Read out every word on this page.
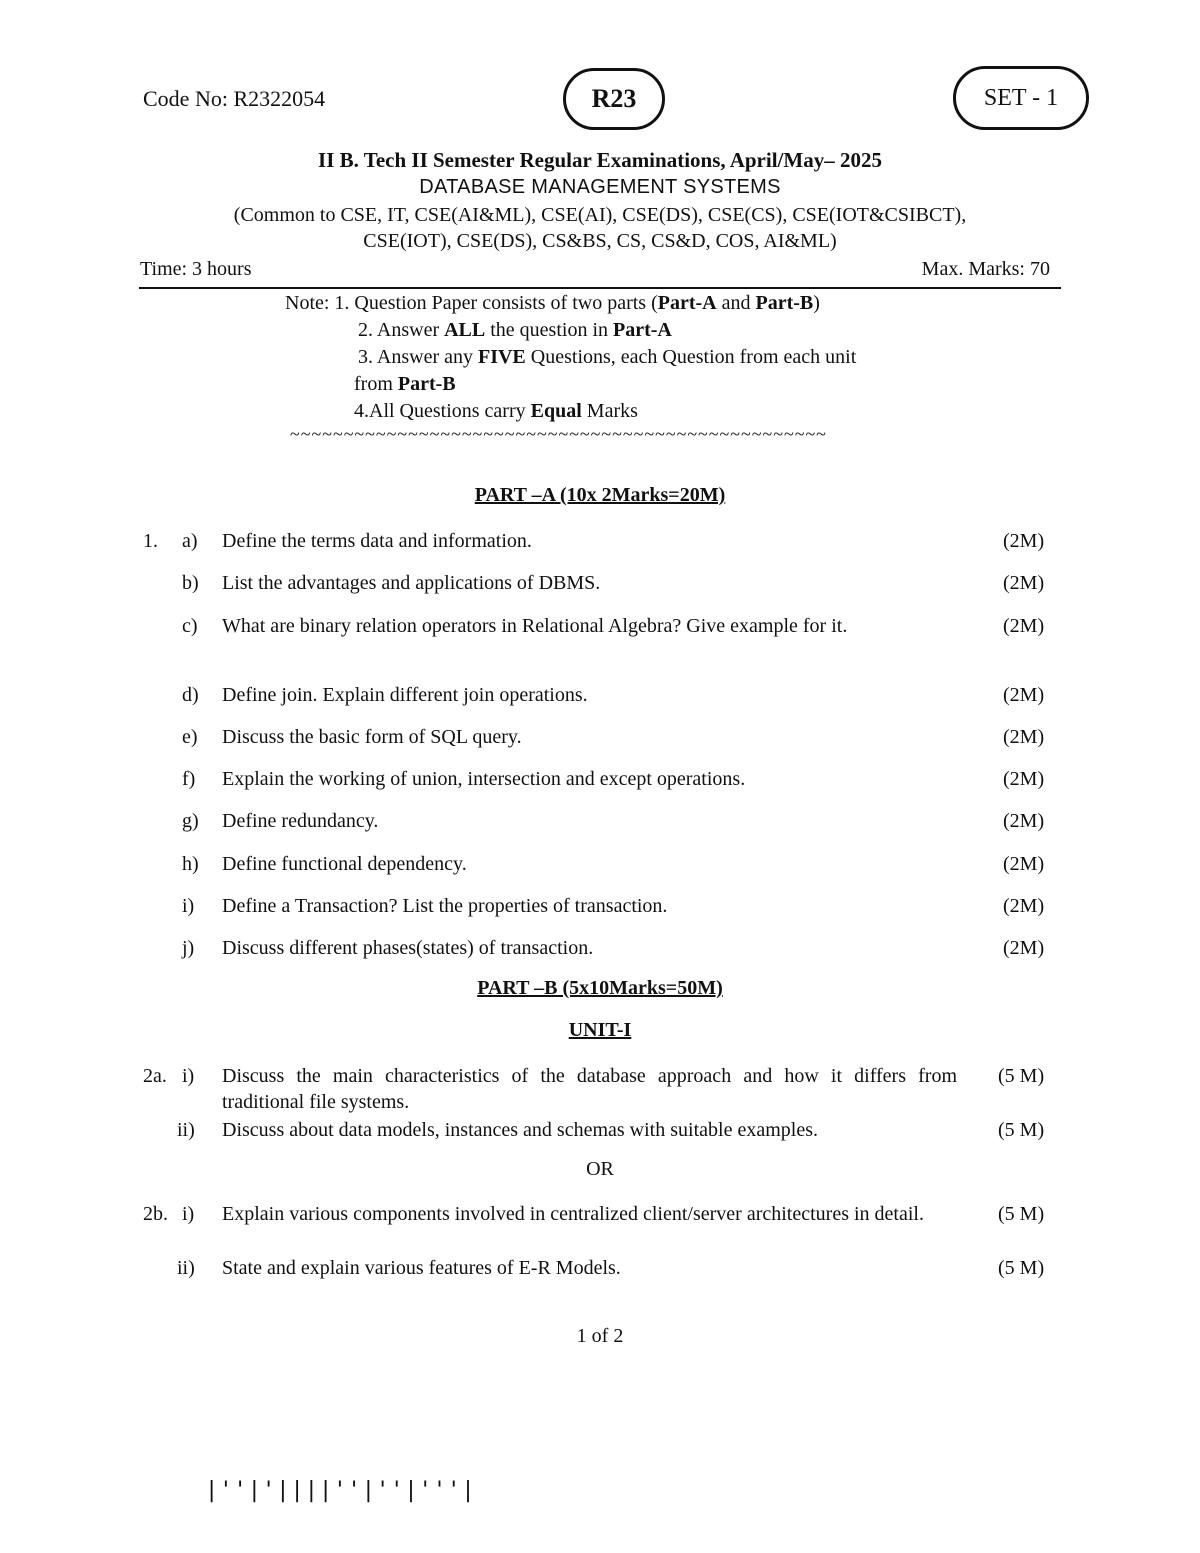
Code No: R2322054	R23	SET - 1
II B. Tech II Semester Regular Examinations, April/May– 2025
DATABASE MANAGEMENT SYSTEMS
(Common to CSE, IT, CSE(AI&ML), CSE(AI), CSE(DS), CSE(CS), CSE(IOT&CSIBCT),
CSE(IOT), CSE(DS), CS&BS, CS, CS&D, COS, AI&ML)
Time: 3 hours	Max. Marks: 70
Note: 1. Question Paper consists of two parts (Part-A and Part-B)
2. Answer ALL the question in Part-A
3. Answer any FIVE Questions, each Question from each unit
from Part-B
4.All Questions carry Equal Marks
~~~~~~~~~~~~~~~~~~~~~~~~~~~~~~~~~~~~~~~~~~~~~~~~~~
PART –A (10x 2Marks=20M)
1. a) Define the terms data and information.	(2M)
b) List the advantages and applications of DBMS.	(2M)
c) What are binary relation operators in Relational Algebra? Give example for it.	(2M)
d) Define join. Explain different join operations.	(2M)
e) Discuss the basic form of SQL query.	(2M)
f) Explain the working of union, intersection and except operations.	(2M)
g) Define redundancy.	(2M)
h) Define functional dependency.	(2M)
i) Define a Transaction? List the properties of transaction.	(2M)
j) Discuss different phases(states) of transaction.	(2M)
PART –B (5x10Marks=50M)
UNIT-I
2a. i) Discuss the main characteristics of the database approach and how it differs from traditional file systems.
(5 M)
ii) Discuss about data models, instances and schemas with suitable examples.	(5 M)
OR
2b. i) Explain various components involved in centralized client/server architectures in detail.	(5 M)
ii) State and explain various features of E-R Models.	(5 M)
1 of 2
|''|'||||''|''|'''|
